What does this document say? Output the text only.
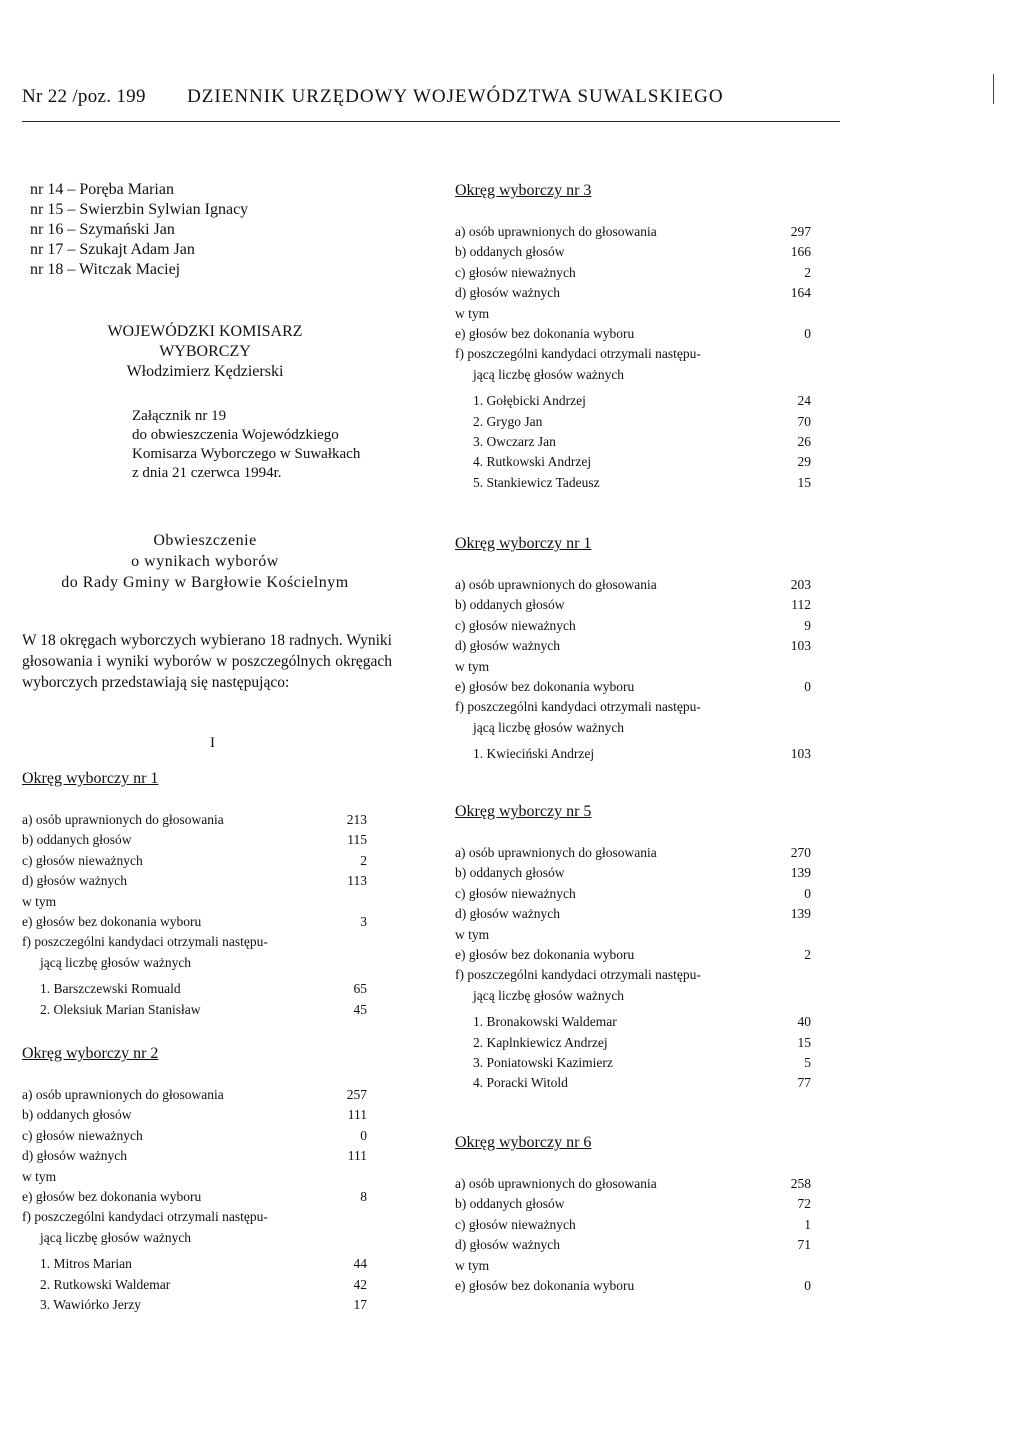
Nr 22 /poz. 199 DZIENNIK URZĘDOWY WOJEWÓDZTWA SUWALSKIEGO
nr 14 – Poręba Marian
nr 15 – Swierzbin Sylwian Ignacy
nr 16 – Szymański Jan
nr 17 – Szukajt Adam Jan
nr 18 – Witczak Maciej
WOJEWÓDZKI KOMISARZ WYBORCZY
Włodzimierz Kędzierski
Załącznik nr 19
do obwieszczenia Wojewódzkiego
Komisarza Wyborczego w Suwałkach
z dnia 21 czerwca 1994r.
Obwieszczenie
o wynikach wyborów
do Rady Gminy w Bargłowie Kościelnym
W 18 okręgach wyborczych wybierano 18 radnych. Wyniki głosowania i wyniki wyborów w poszczególnych okręgach wyborczych przedstawiają się następująco:
I
Okręg wyborczy nr 1
a) osób uprawnionych do głosowania	213
b) oddanych głosów	115
c) głosów nieważnych	2
d) głosów ważnych	113
w tym
e) głosów bez dokonania wyboru	3
f) poszczególni kandydaci otrzymali następu-
jącą liczbę głosów ważnych
1. Barszczewski Romuald	65
2. Oleksiuk Marian Stanisław	45
Okręg wyborczy nr 2
a) osób uprawnionych do głosowania	257
b) oddanych głosów	111
c) głosów nieważnych	0
d) głosów ważnych	111
w tym
e) głosów bez dokonania wyboru	8
f) poszczególni kandydaci otrzymali następu-
jącą liczbę głosów ważnych
1. Mitros Marian	44
2. Rutkowski Waldemar	42
3. Wawiórko Jerzy	17
Okręg wyborczy nr 3
a) osób uprawnionych do głosowania	297
b) oddanych głosów	166
c) głosów nieważnych	2
d) głosów ważnych	164
w tym
e) głosów bez dokonania wyboru	0
f) poszczególni kandydaci otrzymali następu-
jącą liczbę głosów ważnych
1. Gołębicki Andrzej	24
2. Grygo Jan	70
3. Owczarz Jan	26
4. Rutkowski Andrzej	29
5. Stankiewicz Tadeusz	15
Okręg wyborczy nr 1
a) osób uprawnionych do głosowania	203
b) oddanych głosów	112
c) głosów nieważnych	9
d) głosów ważnych	103
w tym
e) głosów bez dokonania wyboru	0
f) poszczególni kandydaci otrzymali następu-
jącą liczbę głosów ważnych
1. Kwieciński Andrzej	103
Okręg wyborczy nr 5
a) osób uprawnionych do głosowania	270
b) oddanych głosów	139
c) głosów nieważnych	0
d) głosów ważnych	139
w tym
e) głosów bez dokonania wyboru	2
f) poszczególni kandydaci otrzymali następu-
jącą liczbę głosów ważnych
1. Bronakowski Waldemar	40
2. Kaplnkiewicz Andrzej	15
3. Poniatowski Kazimierz	5
4. Poracki Witold	77
Okręg wyborczy nr 6
a) osób uprawnionych do głosowania	258
b) oddanych głosów	72
c) głosów nieważnych	1
d) głosów ważnych	71
w tym
e) głosów bez dokonania wyboru	0
